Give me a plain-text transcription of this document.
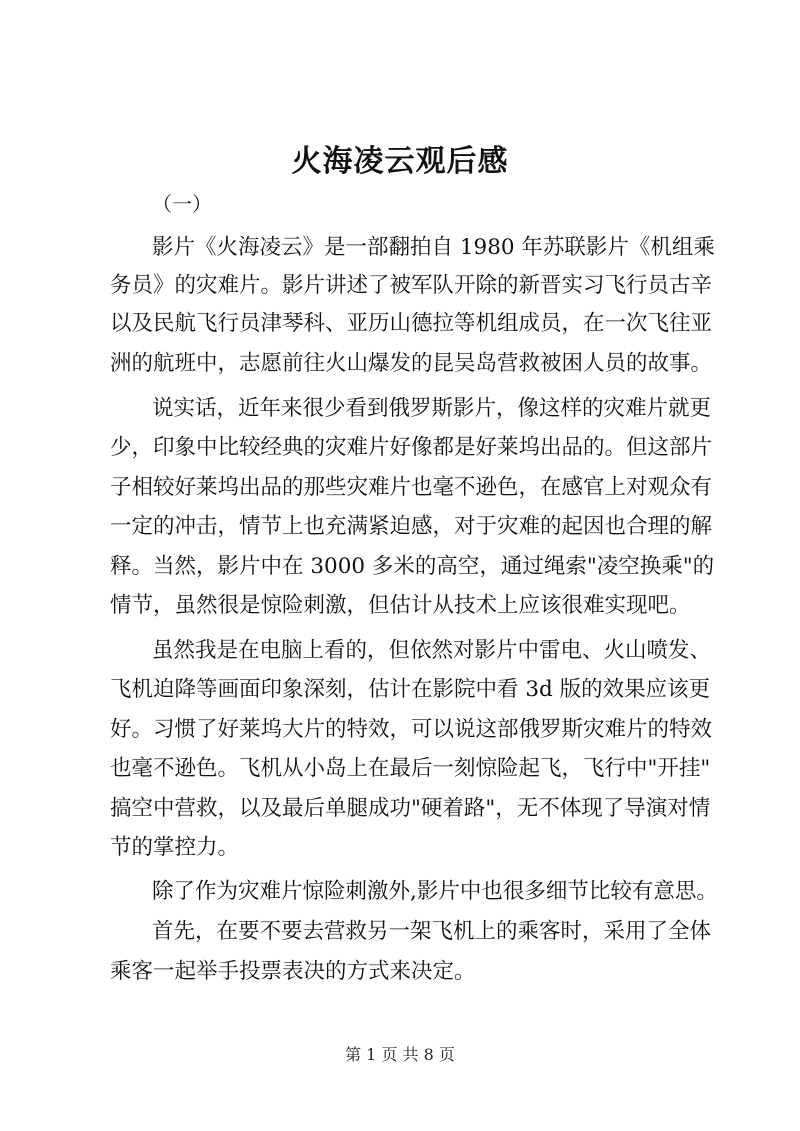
火海凌云观后感
（一）
影片《火海凌云》是一部翻拍自 1980 年苏联影片《机组乘
务员》的灾难片。影片讲述了被军队开除的新晋实习飞行员古辛
以及民航飞行员津琴科、亚历山德拉等机组成员，在一次飞往亚
洲的航班中，志愿前往火山爆发的昆吴岛营救被困人员的故事。
说实话，近年来很少看到俄罗斯影片，像这样的灾难片就更
少，印象中比较经典的灾难片好像都是好莱坞出品的。但这部片
子相较好莱坞出品的那些灾难片也毫不逊色，在感官上对观众有
一定的冲击，情节上也充满紧迫感，对于灾难的起因也合理的解
释。当然，影片中在 3000 多米的高空，通过绳索"凌空换乘"的
情节，虽然很是惊险刺激，但估计从技术上应该很难实现吧。
虽然我是在电脑上看的，但依然对影片中雷电、火山喷发、
飞机迫降等画面印象深刻，估计在影院中看 3d 版的效果应该更
好。习惯了好莱坞大片的特效，可以说这部俄罗斯灾难片的特效
也毫不逊色。飞机从小岛上在最后一刻惊险起飞，飞行中"开挂"
搞空中营救，以及最后单腿成功"硬着路"，无不体现了导演对情
节的掌控力。
除了作为灾难片惊险刺激外,影片中也很多细节比较有意思。
首先，在要不要去营救另一架飞机上的乘客时，采用了全体
乘客一起举手投票表决的方式来决定。
第 1 页 共 8 页
